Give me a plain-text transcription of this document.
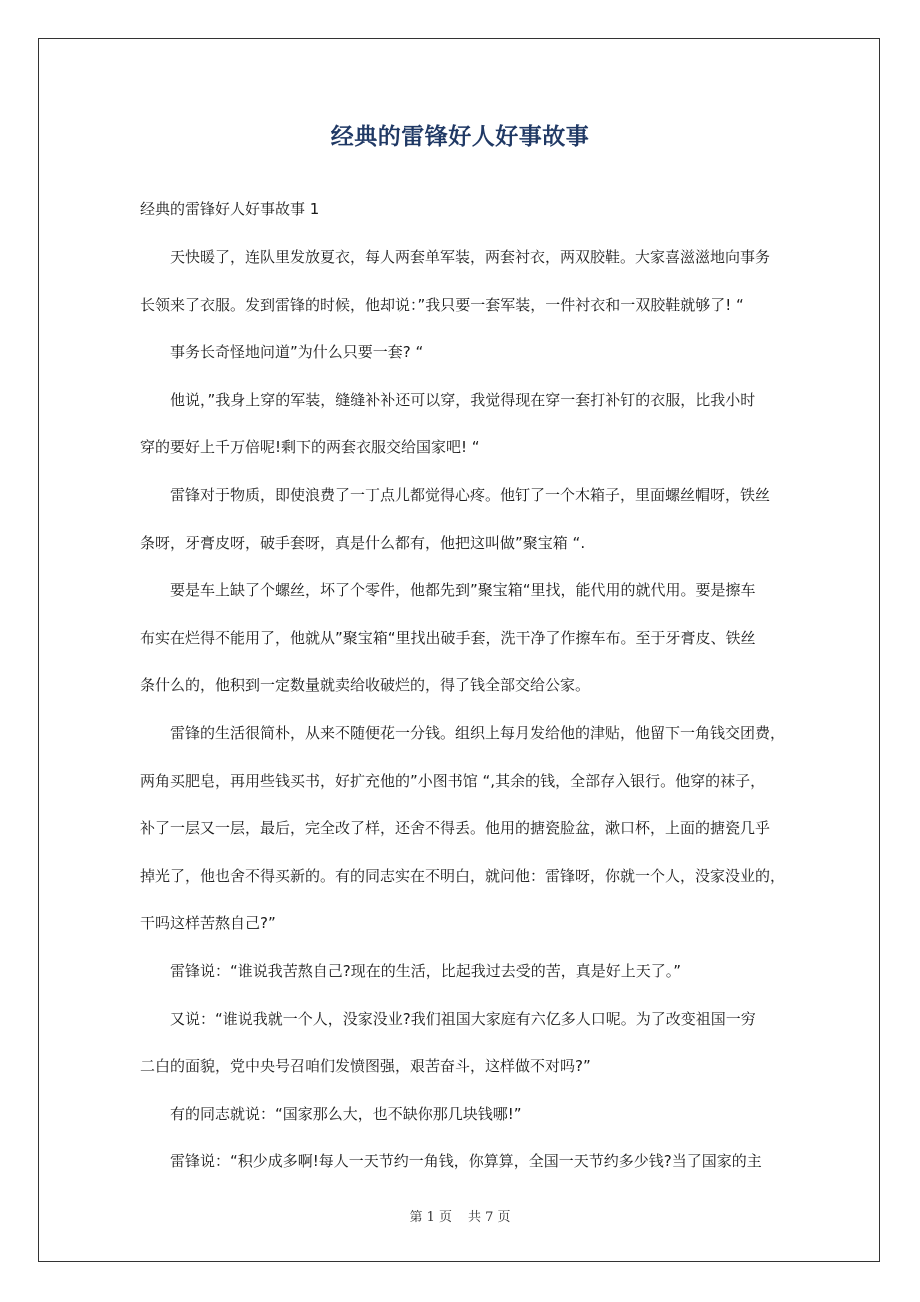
经典的雷锋好人好事故事
经典的雷锋好人好事故事 1
天快暖了，连队里发放夏衣，每人两套单军装，两套衬衣，两双胶鞋。大家喜滋滋地向事务
长领来了衣服。发到雷锋的时候，他却说：”我只要一套军装，一件衬衣和一双胶鞋就够了! “
事务长奇怪地问道”为什么只要一套? “
他说，”我身上穿的军装，缝缝补补还可以穿，我觉得现在穿一套打补钉的衣服，比我小时
穿的要好上千万倍呢!剩下的两套衣服交给国家吧! “
雷锋对于物质，即使浪费了一丁点儿都觉得心疼。他钉了一个木箱子，里面螺丝帽呀，铁丝
条呀，牙膏皮呀，破手套呀，真是什么都有，他把这叫做”聚宝箱 “.
要是车上缺了个螺丝，坏了个零件，他都先到”聚宝箱“里找，能代用的就代用。要是擦车
布实在烂得不能用了，他就从”聚宝箱“里找出破手套，洗干净了作擦车布。至于牙膏皮、铁丝
条什么的，他积到一定数量就卖给收破烂的，得了钱全部交给公家。
雷锋的生活很简朴，从来不随便花一分钱。组织上每月发给他的津贴，他留下一角钱交团费，
两角买肥皂，再用些钱买书，好扩充他的”小图书馆 “,其余的钱，全部存入银行。他穿的袜子，
补了一层又一层，最后，完全改了样，还舍不得丢。他用的搪瓷脸盆，漱口杯，上面的搪瓷几乎
掉光了，他也舍不得买新的。有的同志实在不明白，就问他：雷锋呀，你就一个人，没家没业的，
干吗这样苦熬自己?”
雷锋说：“谁说我苦熬自己?现在的生活，比起我过去受的苦，真是好上天了。”
又说：“谁说我就一个人，没家没业?我们祖国大家庭有六亿多人口呢。为了改变祖国一穷
二白的面貌，党中央号召咱们发愤图强，艰苦奋斗，这样做不对吗?”
有的同志就说：“国家那么大，也不缺你那几块钱哪!”
雷锋说：“积少成多啊!每人一天节约一角钱，你算算，全国一天节约多少钱?当了国家的主
第 1 页 共 7 页
